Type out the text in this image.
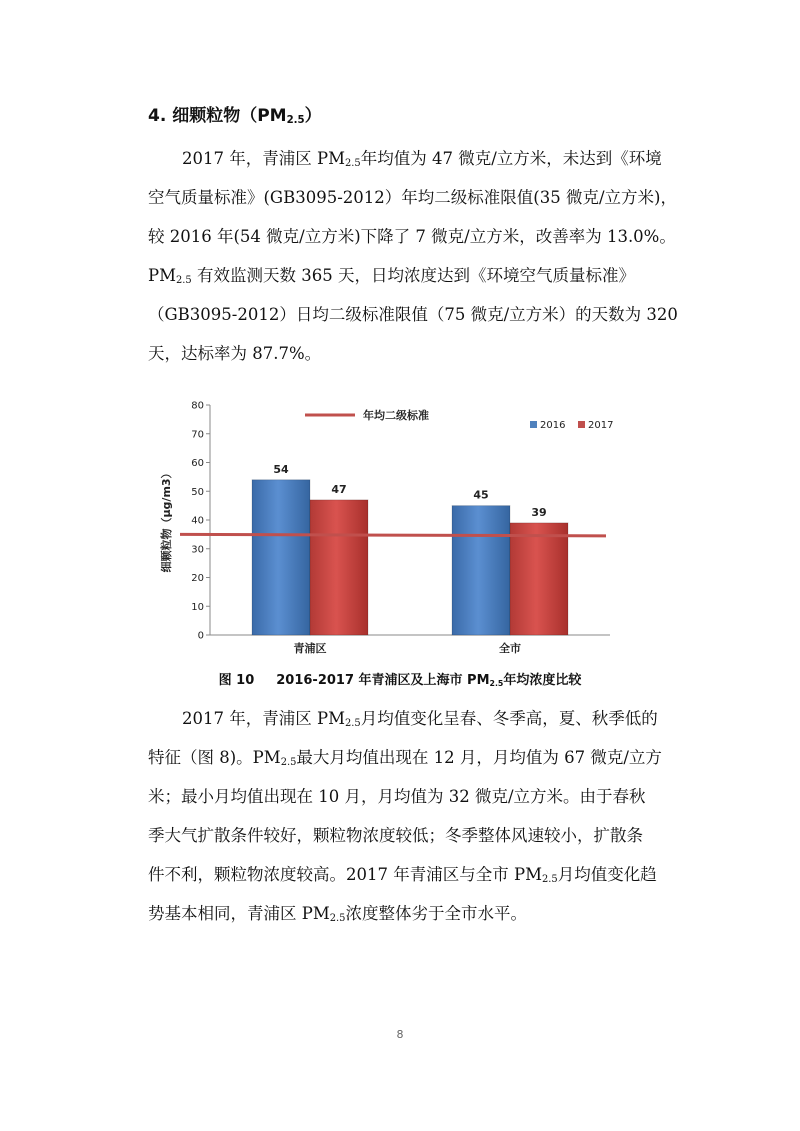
4. 细颗粒物$(PM_{2.5})$
2017 年，青浦区 $PM_{2.5}$年均值为 47 微克/立方米，未达到《环境
空气质量标准》(GB3095-2012）年均二级标准限值(35 微克/立方米)，
较 2016 年(54 微克/立方米)下降了 7 微克/立方米，改善率为 13.0%。
$PM_{2.5}$ 有效监测天数 365 天，日均浓度达到《环境空气质量标准》
（GB3095-2012）日均二级标准限值（75 微克/立方米）的天数为 320
天，达标率为 87.7%。
0
10
20
30
40
50
60
70
80
细颗粒物（μg/m3）	54
47	45
39
青浦区	全市
年均二级标准
2016 2017
图 10 2016-2017 年青浦区及上海市 $PM_{2.5}$年均浓度比较
2017 年，青浦区 $PM_{2.5}$月均值变化呈春、冬季高，夏、秋季低的
特征（图 8)。$PM_{2.5}$最大月均值出现在 12 月，月均值为 67 微克/立方
米；最小月均值出现在 10 月，月均值为 32 微克/立方米。由于春秋
季大气扩散条件较好，颗粒物浓度较低；冬季整体风速较小，扩散条
件不利，颗粒物浓度较高。2017 年青浦区与全市 $PM_{2.5}$月均值变化趋
势基本相同，青浦区 $PM_{2.5}$浓度整体劣于全市水平。
8
